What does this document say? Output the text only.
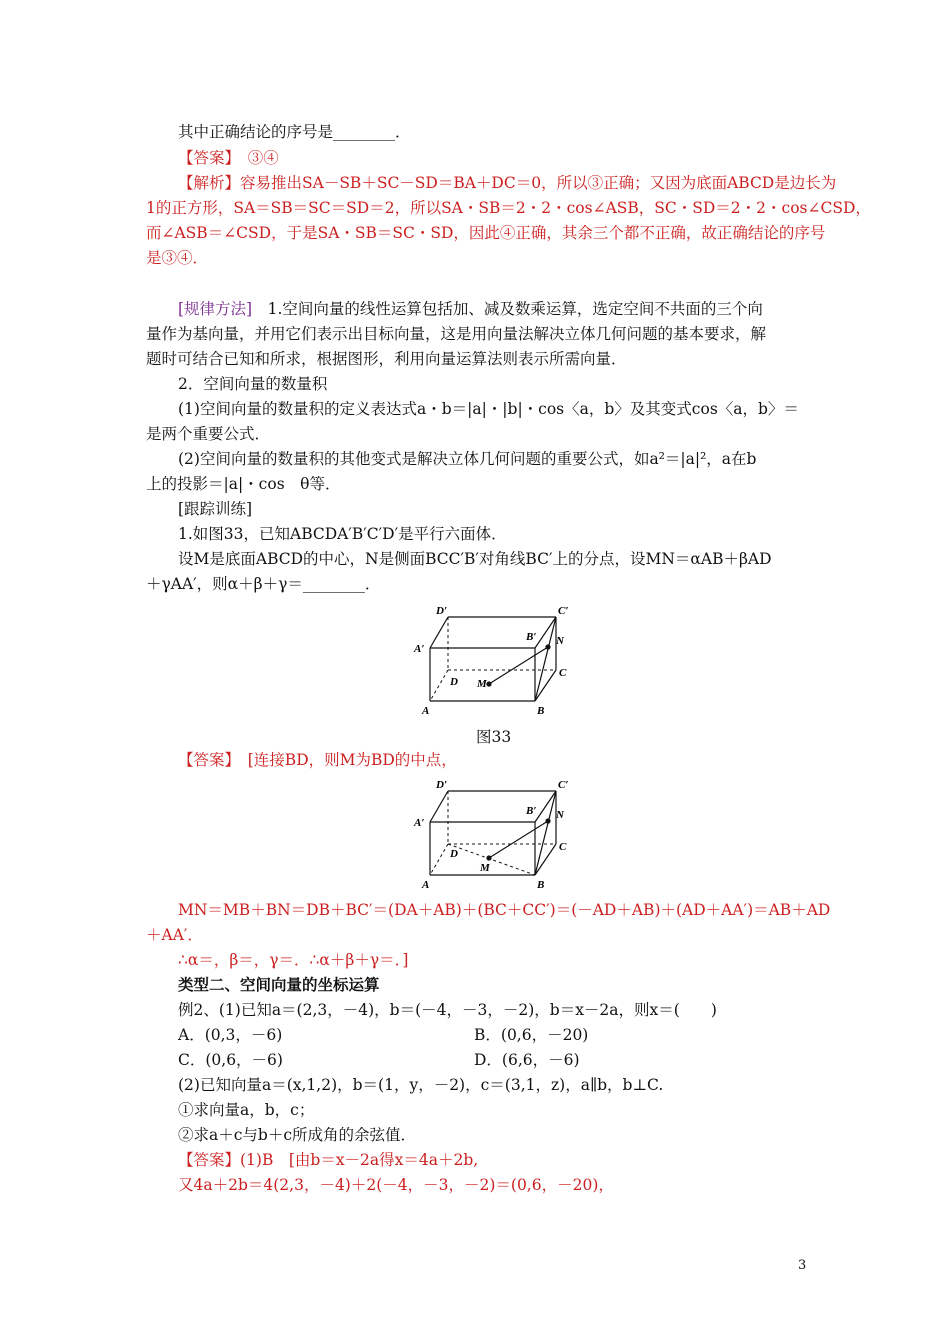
其中正确结论的序号是________．
【答案】　③④
【解析】容易推出SA－SB＋SC－SD＝BA＋DC＝0，所以③正确；又因为底面ABCD是边长为
1的正方形，SA＝SB＝SC＝SD＝2，所以SA・SB＝2・2・cos∠ASB，SC・SD＝2・2・cos∠CSD，
而∠ASB＝∠CSD，于是SA・SB＝SC・SD，因此④正确，其余三个都不正确，故正确结论的序号
是③④．
[规律方法]　1.空间向量的线性运算包括加、减及数乘运算，选定空间不共面的三个向
量作为基向量，并用它们表示出目标向量，这是用向量法解决立体几何问题的基本要求，解
题时可结合已知和所求，根据图形，利用向量运算法则表示所需向量．
2．空间向量的数量积
(1)空间向量的数量积的定义表达式a・b＝|a|・|b|・cos〈a，b〉及其变式cos〈a，b〉＝
是两个重要公式．
(2)空间向量的数量积的其他变式是解决立体几何问题的重要公式，如a²＝|a|²，a在b
上的投影＝|a|・cos　θ等．
[跟踪训练]
1.如图33，已知ABCDA′B′C′D′是平行六面体．
设M是底面ABCD的中心，N是侧面BCC′B′对角线BC′上的分点，设MN＝αAB＋βAD
＋γAA′，则α＋β＋γ＝________．
D′	C′
A′
B′ N
C
D M
A	B
图33
【答案】　[连接BD，则M为BD的中点，
D′	C′
A′
B′ N
C
D
M
A	B
MN＝MB＋BN＝DB＋BC′＝(DA＋AB)＋(BC＋CC′)＝(－AD＋AB)＋(AD＋AA′)＝AB＋AD
＋AA′．
∴α＝，β＝，γ＝．∴α＋β＋γ＝．]
类型二、空间向量的坐标运算
例2、(1)已知a＝(2,3，－4)，b＝(－4，－3，－2)，b＝x－2a，则x＝(　　)
A．(0,3，－6)	B．(0,6，－20)
C．(0,6，－6)	D．(6,6，－6)
(2)已知向量a＝(x,1,2)，b＝(1，y，－2)，c＝(3,1，z)，a∥b，b⊥C.
①求向量a，b，c；
②求a＋c与b＋c所成角的余弦值．
【答案】(1)B　[由b＝x－2a得x＝4a＋2b,
又4a＋2b＝4(2,3，－4)＋2(－4，－3，－2)＝(0,6，－20)，
3
